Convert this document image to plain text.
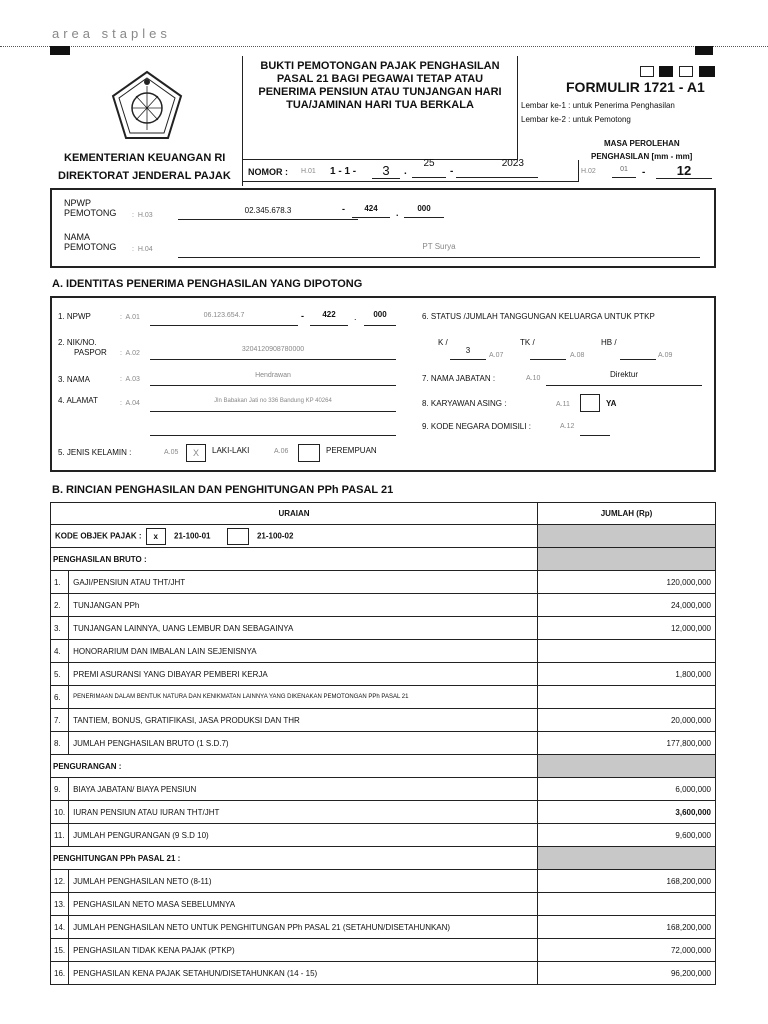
area staples
KEMENTERIAN KEUANGAN RI
DIREKTORAT JENDERAL PAJAK
BUKTI PEMOTONGAN PAJAK PENGHASILAN PASAL 21 BAGI PEGAWAI TETAP ATAU PENERIMA PENSIUN ATAU TUNJANGAN HARI TUA/JAMINAN HARI TUA BERKALA
FORMULIR 1721 - A1
Lembar ke-1 : untuk Penerima Penghasilan
Lembar ke-2 : untuk Pemotong
MASA PEROLEHAN
PENGHASILAN [mm - mm]
NOMOR : H.01 1 - 1 -	3	.
25
-
2023
H.02	01	-	12
NPWP
PEMOTONG :  H.03
02.345.678.3	-	424	.	000
NAMA
PEMOTONG :  H.04	PT Surya
A. IDENTITAS PENERIMA PENGHASILAN YANG DIPOTONG
1. NPWP	:  A.01	06.123.654.7	-	422	.	000
2. NIK/NO.
PASPOR :  A.02
3204120908780000
3. NAMA	:  A.03
Hendrawan
4. ALAMAT	:  A.04	Jln Babakan Jati no 336 Bandung KP 40264
5. JENIS KELAMIN :	A.05	X	LAKI-LAKI	A.06	PEREMPUAN
6. STATUS /JUMLAH TANGGUNGAN KELUARGA UNTUK PTKP
K /
3
A.07
TK /
A.08
HB /
A.09
7. NAMA JABATAN :	A.10	Direktur
8. KARYAWAN ASING :	A.11	YA
9. KODE NEGARA DOMISILI :	A.12
B. RINCIAN PENGHASILAN DAN PENGHITUNGAN PPh PASAL 21
URAIAN		JUMLAH (Rp)
KODE OBJEK PAJAK : x 21-100-01 21-100-02		
PENGHASILAN BRUTO :		
1.	GAJI/PENSIUN ATAU THT/JHT	120,000,000
2.	TUNJANGAN PPh	24,000,000
3.	TUNJANGAN LAINNYA, UANG LEMBUR DAN SEBAGAINYA	12,000,000
4.	HONORARIUM DAN IMBALAN LAIN SEJENISNYA	
5.	PREMI ASURANSI YANG DIBAYAR PEMBERI KERJA	1,800,000
6.	PENERIMAAN DALAM BENTUK NATURA DAN KENIKMATAN LAINNYA YANG DIKENAKAN PEMOTONGAN PPh PASAL 21	
7.	TANTIEM, BONUS, GRATIFIKASI, JASA PRODUKSI DAN THR	20,000,000
8.	JUMLAH PENGHASILAN BRUTO (1 S.D.7)	177,800,000
PENGURANGAN :		
9.	BIAYA JABATAN/ BIAYA PENSIUN	6,000,000
10.	IURAN PENSIUN ATAU IURAN THT/JHT	3,600,000
11.	JUMLAH PENGURANGAN (9 S.D 10)	9,600,000
PENGHITUNGAN PPh PASAL 21 :		
12.	JUMLAH PENGHASILAN NETO (8-11)	168,200,000
13.	PENGHASILAN NETO MASA SEBELUMNYA	
14.	JUMLAH PENGHASILAN NETO UNTUK PENGHITUNGAN PPh PASAL 21 (SETAHUN/DISETAHUNKAN)	168,200,000
15.	PENGHASILAN TIDAK KENA PAJAK (PTKP)	72,000,000
16.	PENGHASILAN KENA PAJAK SETAHUN/DISETAHUNKAN (14 - 15)	96,200,000
